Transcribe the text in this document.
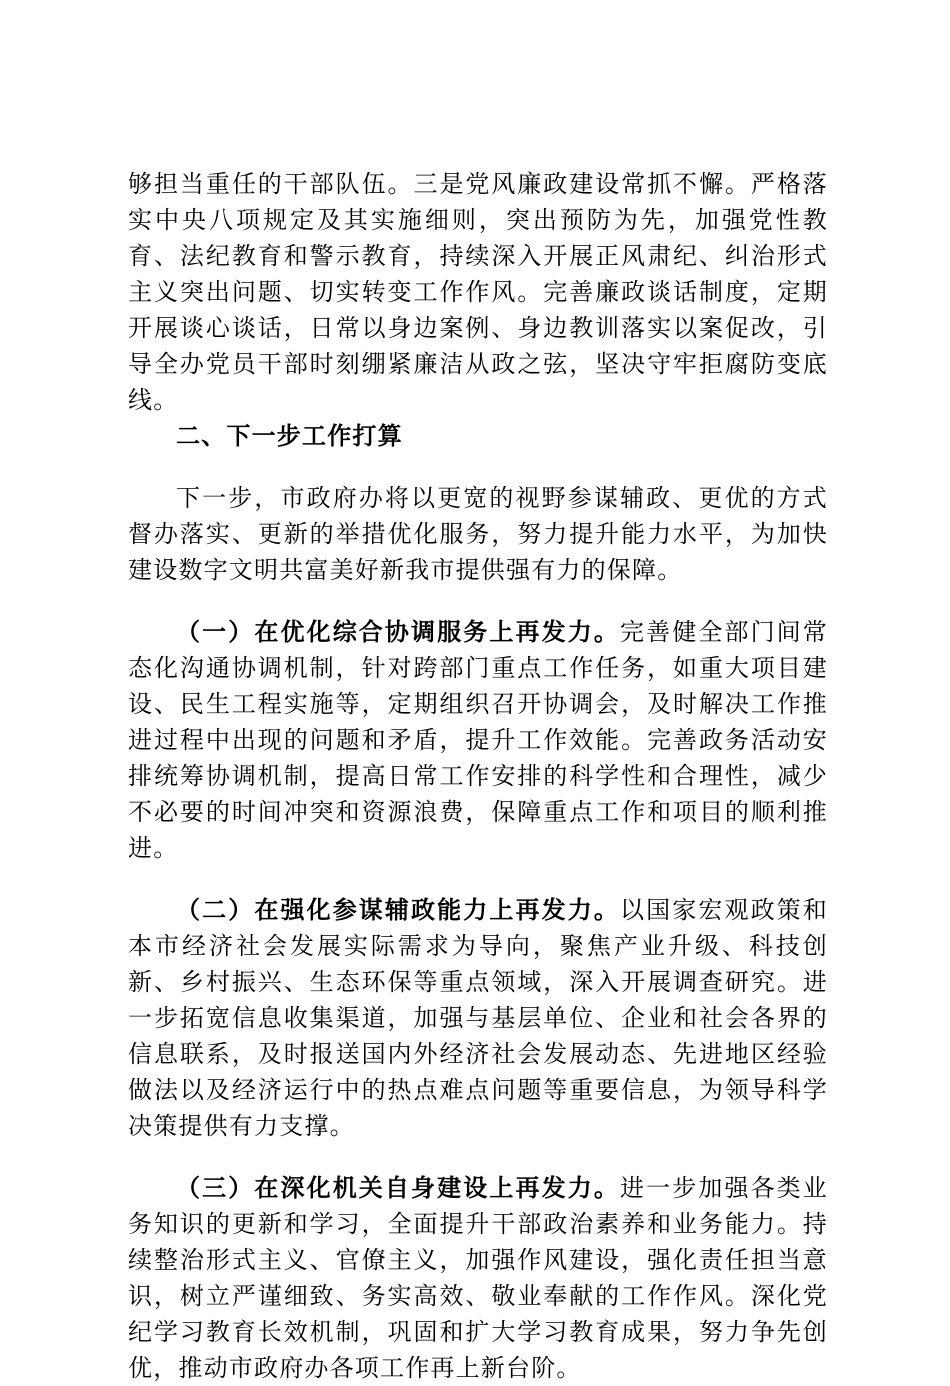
够担当重任的干部队伍。三是党风廉政建设常抓不懈。严格落实中央八项规定及其实施细则，突出预防为先，加强党性教育、法纪教育和警示教育，持续深入开展正风肃纪、纠治形式主义突出问题、切实转变工作作风。完善廉政谈话制度，定期开展谈心谈话，日常以身边案例、身边教训落实以案促改，引导全办党员干部时刻绷紧廉洁从政之弦，坚决守牢拒腐防变底线。

二、下一步工作打算

下一步，市政府办将以更宽的视野参谋辅政、更优的方式督办落实、更新的举措优化服务，努力提升能力水平，为加快建设数字文明共富美好新我市提供强有力的保障。

（一）在优化综合协调服务上再发力。完善健全部门间常态化沟通协调机制，针对跨部门重点工作任务，如重大项目建设、民生工程实施等，定期组织召开协调会，及时解决工作推进过程中出现的问题和矛盾，提升工作效能。完善政务活动安排统筹协调机制，提高日常工作安排的科学性和合理性，减少不必要的时间冲突和资源浪费，保障重点工作和项目的顺利推进。

（二）在强化参谋辅政能力上再发力。以国家宏观政策和本市经济社会发展实际需求为导向，聚焦产业升级、科技创新、乡村振兴、生态环保等重点领域，深入开展调查研究。进一步拓宽信息收集渠道，加强与基层单位、企业和社会各界的信息联系，及时报送国内外经济社会发展动态、先进地区经验做法以及经济运行中的热点难点问题等重要信息，为领导科学决策提供有力支撑。

（三）在深化机关自身建设上再发力。进一步加强各类业务知识的更新和学习，全面提升干部政治素养和业务能力。持续整治形式主义、官僚主义，加强作风建设，强化责任担当意识，树立严谨细致、务实高效、敬业奉献的工作作风。深化党纪学习教育长效机制，巩固和扩大学习教育成果，努力争先创优，推动市政府办各项工作再上新台阶。
